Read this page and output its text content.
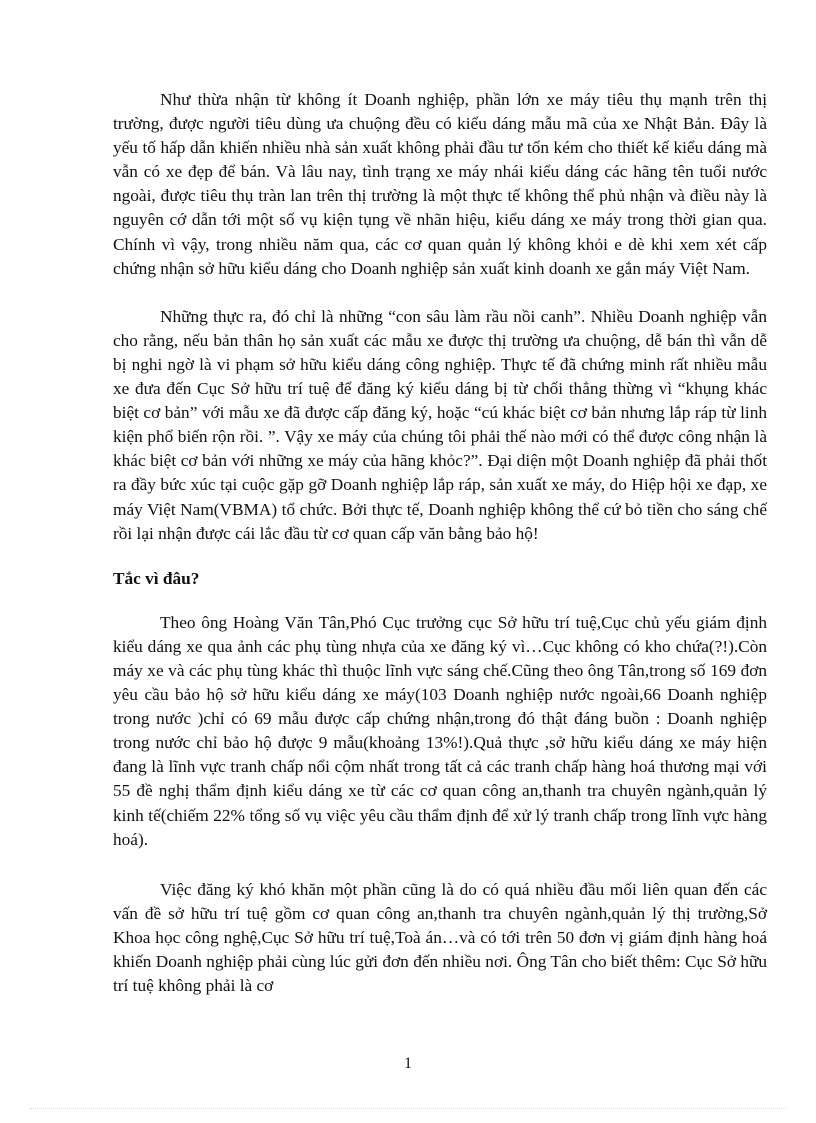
Như thừa nhận từ không ít Doanh nghiệp, phần lớn xe máy tiêu thụ mạnh trên thị trường, được người tiêu dùng ưa chuộng đều có kiểu dáng mẫu mã của xe Nhật Bản. Đây là yếu tố hấp dẫn khiến nhiều nhà sản xuất không phải đầu tư tốn kém cho thiết kế kiểu dáng mà vẫn có xe đẹp để bán. Và lâu nay, tình trạng xe máy nhái kiểu dáng các hãng tên tuổi nước ngoài, được tiêu thụ tràn lan trên thị trường là một thực tế không thể phủ nhận và điều này là nguyên cớ dẫn tới một số vụ kiện tụng về nhãn hiệu, kiểu dáng xe máy trong thời gian qua. Chính vì vậy, trong nhiều năm qua, các cơ quan quản lý không khỏi e dè khi xem xét cấp chứng nhận sở hữu kiểu dáng cho Doanh nghiệp sản xuất kinh doanh xe gắn máy Việt Nam.

Những thực ra, đó chỉ là những “con sâu làm rầu nồi canh”. Nhiều Doanh nghiệp vẫn cho rằng, nếu bản thân họ sản xuất các mẫu xe được thị trường ưa chuộng, dễ bán thì vẫn dễ bị nghi ngờ là vi phạm sở hữu kiểu dáng công nghiệp. Thực tế đã chứng minh rất nhiều mẫu xe đưa đến Cục Sở hữu trí tuệ để đăng ký kiểu dáng bị từ chối thẳng thừng vì “khụng khác biệt cơ bản” với mẫu xe đã được cấp đăng ký, hoặc “cú khác biệt cơ bản nhưng lắp ráp từ linh kiện phổ biến rộn rồi. ”. Vậy xe máy của chúng tôi phải thế nào mới có thể được công nhận là khác biệt cơ bản với những xe máy của hãng khỏc?”. Đại diện một Doanh nghiệp đã phải thốt ra đầy bức xúc tại cuộc gặp gỡ Doanh nghiệp lắp ráp, sản xuất xe máy, do Hiệp hội xe đạp, xe máy Việt Nam(VBMA) tổ chức. Bởi thực tế, Doanh nghiệp không thể cứ bỏ tiền cho sáng chế rồi lại nhận được cái lắc đầu từ cơ quan cấp văn bằng bảo hộ!

Tắc vì đâu?

Theo ông Hoàng Văn Tân,Phó Cục trưởng cục Sở hữu trí tuệ,Cục chủ yếu giám định kiểu dáng xe qua ảnh các phụ tùng nhựa của xe đăng ký vì…Cục không có kho chứa(?!).Còn máy xe và các phụ tùng khác thì thuộc lĩnh vực sáng chế.Cũng theo ông Tân,trong số 169 đơn yêu cầu bảo hộ sở hữu kiểu dáng xe máy(103 Doanh nghiệp nước ngoài,66 Doanh nghiệp trong nước )chỉ có 69 mẫu được cấp chứng nhận,trong đó thật đáng buồn : Doanh nghiệp trong nước chỉ bảo hộ được 9 mẫu(khoảng 13%!).Quả thực ,sở hữu kiểu dáng xe máy hiện đang là lĩnh vực tranh chấp nổi cộm nhất trong tất cả các tranh chấp hàng hoá thương mại với 55 đề nghị thẩm định kiểu dáng xe từ các cơ quan công an,thanh tra chuyên ngành,quản lý kinh tế(chiếm 22% tổng số vụ việc yêu cầu thẩm định để xử lý tranh chấp trong lĩnh vực hàng hoá).

Việc đăng ký khó khăn một phần cũng là do có quá nhiều đầu mối liên quan đến các vấn đề sở hữu trí tuệ gồm cơ quan công an,thanh tra chuyên ngành,quản lý thị trường,Sở Khoa học công nghệ,Cục Sở hữu trí tuệ,Toà án…và có tới trên 50 đơn vị giám định hàng hoá khiến Doanh nghiệp phải cùng lúc gửi đơn đến nhiều nơi. Ông Tân cho biết thêm: Cục Sở hữu trí tuệ không phải là cơ

1
